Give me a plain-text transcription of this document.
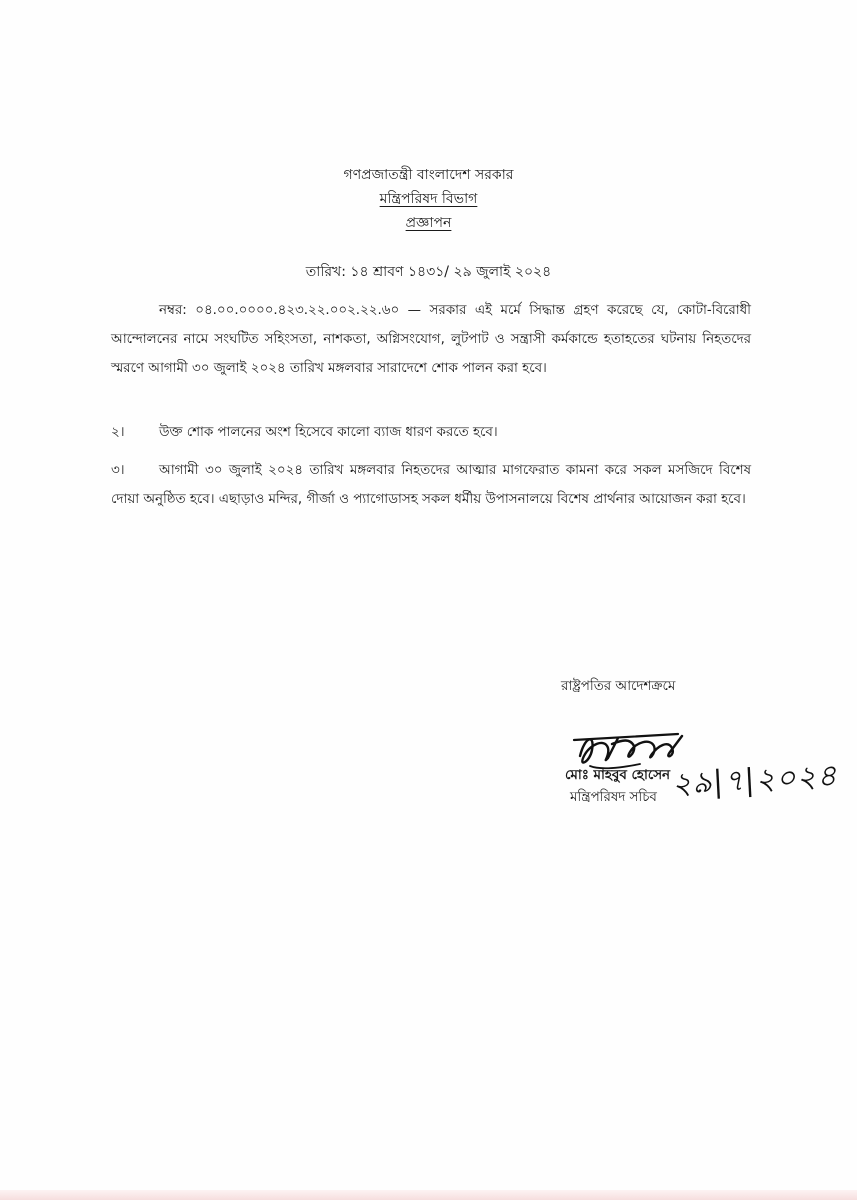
গণপ্রজাতন্ত্রী বাংলাদেশ সরকার
মন্ত্রিপরিষদ বিভাগ
প্রজ্ঞাপন
তারিখ: ১৪ শ্রাবণ ১৪৩১/ ২৯ জুলাই ২০২৪
নম্বর: ০৪.০০.০০০০.৪২৩.২২.০০২.২২.৬০ — সরকার এই মর্মে সিদ্ধান্ত গ্রহণ করেছে যে, কোটা-বিরোধী আন্দোলনের নামে সংঘটিত সহিংসতা, নাশকতা, অগ্নিসংযোগ, লুটপাট ও সন্ত্রাসী কর্মকান্ডে হতাহতের ঘটনায় নিহতদের স্মরণে আগামী ৩০ জুলাই ২০২৪ তারিখ মঙ্গলবার সারাদেশে শোক পালন করা হবে।
২।	উক্ত শোক পালনের অংশ হিসেবে কালো ব্যাজ ধারণ করতে হবে।
৩।	আগামী ৩০ জুলাই ২০২৪ তারিখ মঙ্গলবার নিহতদের আত্মার মাগফেরাত কামনা করে সকল মসজিদে বিশেষ দোয়া অনুষ্ঠিত হবে। এছাড়াও মন্দির, গীর্জা ও প্যাগোডাসহ সকল ধর্মীয় উপাসনালয়ে বিশেষ প্রার্থনার আয়োজন করা হবে।
রাষ্ট্রপতির আদেশক্রমে
মোঃ মাহবুব হোসেন
মন্ত্রিপরিষদ সচিব ২৯|৭|২০২৪
